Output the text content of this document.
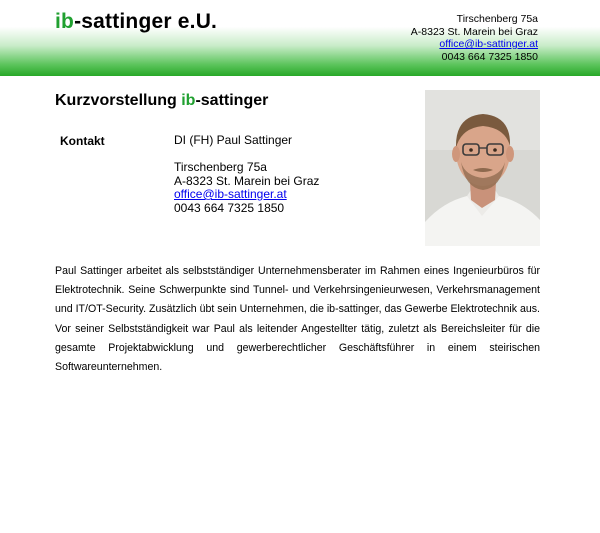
ib-sattinger e.U.	Tirschenberg 75a
A-8323 St. Marein bei Graz
office@ib-sattinger.at
0043 664 7325 1850
Kurzvorstellung ib-sattinger
Kontakt	DI (FH) Paul Sattinger
Tirschenberg 75a
A-8323 St. Marein bei Graz
office@ib-sattinger.at
0043 664 7325 1850

Paul Sattinger arbeitet als selbstständiger Unternehmensberater im Rahmen eines Ingenieurbüros für Elektrotechnik. Seine Schwerpunkte sind Tunnel- und Verkehrsingenieurwesen, Verkehrsmanagement und IT/OT-Security. Zusätzlich übt sein Unternehmen, die ib-sattinger, das Gewerbe Elektrotechnik aus. Vor seiner Selbstständigkeit war Paul als leitender Angestellter tätig, zuletzt als Bereichsleiter für die gesamte Projektabwicklung und gewerberechtlicher Geschäftsführer in einem steirischen Softwareunternehmen.
